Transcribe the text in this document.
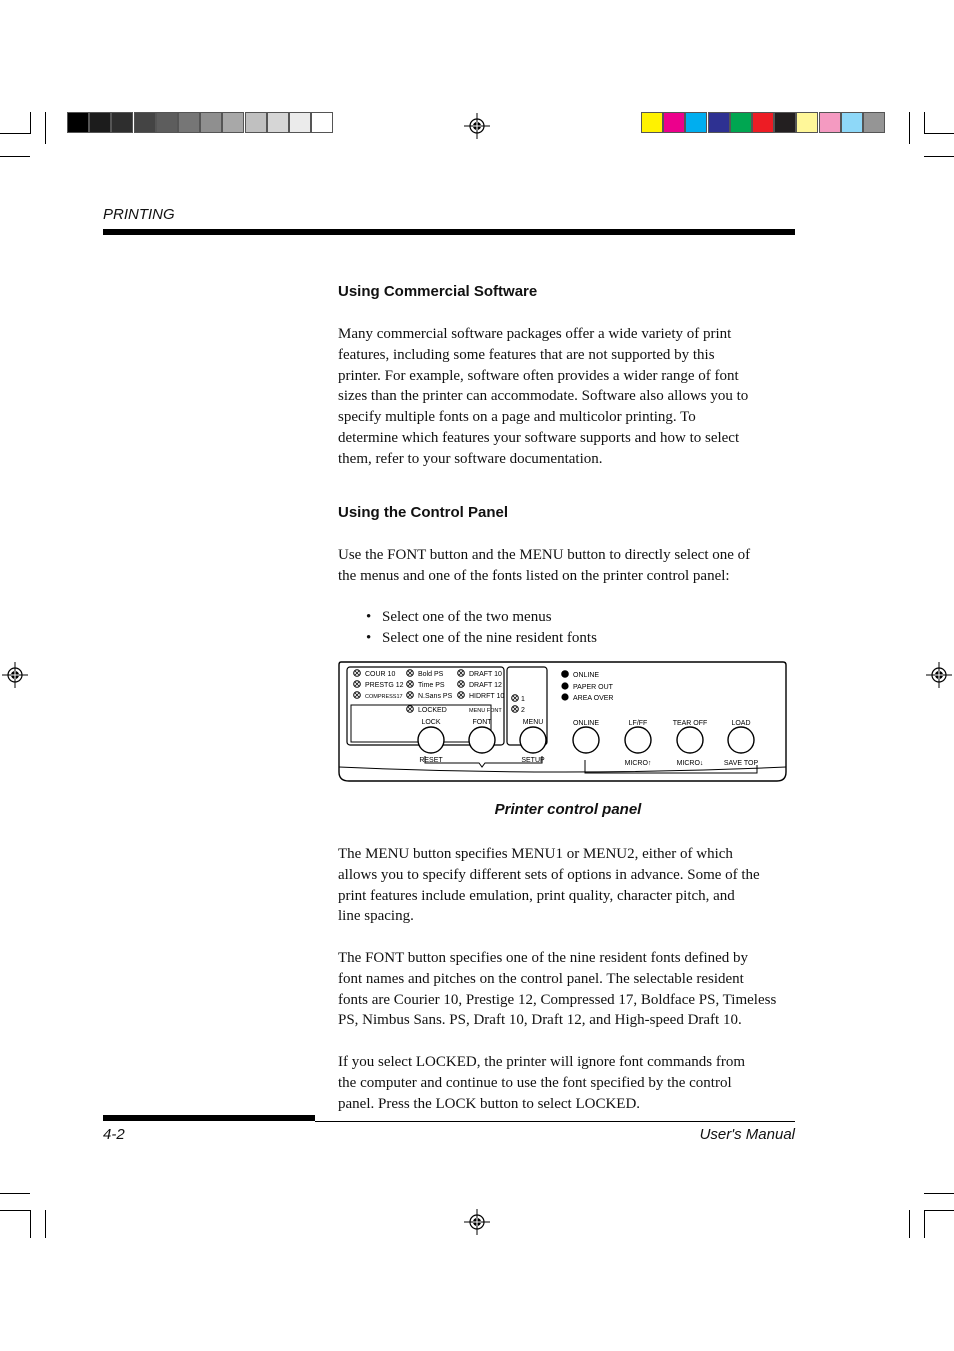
PRINTING
Using Commercial Software

Many commercial software packages offer a wide variety of print

features, including some features that are not supported by this

printer. For example, software often provides a wider range of font

sizes than the printer can accommodate. Software also allows you to

specify multiple fonts on a page and multicolor printing. To

determine which features your software supports and how to select

them, refer to your software documentation.

Using the Control Panel

Use the FONT button and the MENU button to directly select one of

the menus and one of the fonts listed on the printer control panel:

• Select one of the two menus
• Select one of the nine resident fonts
COUR 10
PRESTG 12
COMPRESS17
Bold PS
Time PS
N.Sans PS
DRAFT 10
DRAFT 12
HIDRFT 10
LOCKED	MENU FONT
1
2
ONLINE
PAPER OUT
AREA OVER
LOCK	FONT	MENU	ONLINE	LF/FF	TEAR OFF	LOAD
RESET	SETUP	MICRO↑	MICRO↓	SAVE TOP
Printer control panel

The MENU button specifies MENU1 or MENU2, either of which

allows you to specify different sets of options in advance. Some of the

print features include emulation, print quality, character pitch, and

line spacing.

The FONT button specifies one of the nine resident fonts defined by

font names and pitches on the control panel. The selectable resident

fonts are Courier 10, Prestige 12, Compressed 17, Boldface PS, Timeless

PS, Nimbus Sans. PS, Draft 10, Draft 12, and High-speed Draft 10.

If you select LOCKED, the printer will ignore font commands from

the computer and continue to use the font specified by the control

panel. Press the LOCK button to select LOCKED.

4-2	User's Manual
